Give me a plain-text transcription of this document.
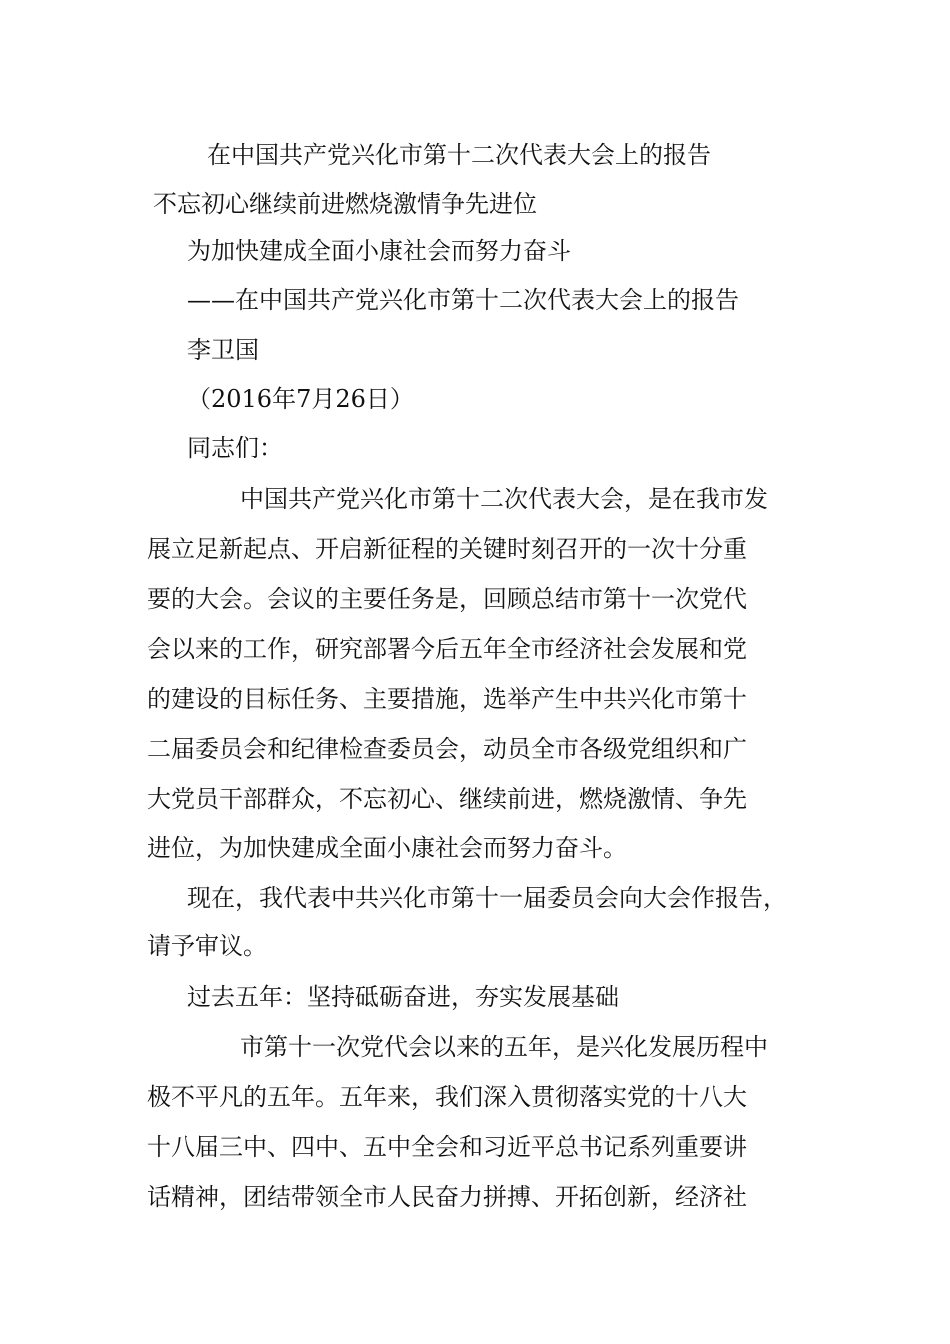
在中国共产党兴化市第十二次代表大会上的报告
不忘初心继续前进燃烧激情争先进位
为加快建成全面小康社会而努力奋斗
——在中国共产党兴化市第十二次代表大会上的报告
李卫国
（2016年7月26日）
同志们：
中国共产党兴化市第十二次代表大会，是在我市发
展立足新起点、开启新征程的关键时刻召开的一次十分重
要的大会。会议的主要任务是，回顾总结市第十一次党代
会以来的工作，研究部署今后五年全市经济社会发展和党
的建设的目标任务、主要措施，选举产生中共兴化市第十
二届委员会和纪律检查委员会，动员全市各级党组织和广
大党员干部群众，不忘初心、继续前进，燃烧激情、争先
进位，为加快建成全面小康社会而努力奋斗。
现在，我代表中共兴化市第十一届委员会向大会作报告，
请予审议。
过去五年：坚持砥砺奋进，夯实发展基础
市第十一次党代会以来的五年，是兴化发展历程中
极不平凡的五年。五年来，我们深入贯彻落实党的十八大
十八届三中、四中、五中全会和习近平总书记系列重要讲
话精神，团结带领全市人民奋力拼搏、开拓创新，经济社
